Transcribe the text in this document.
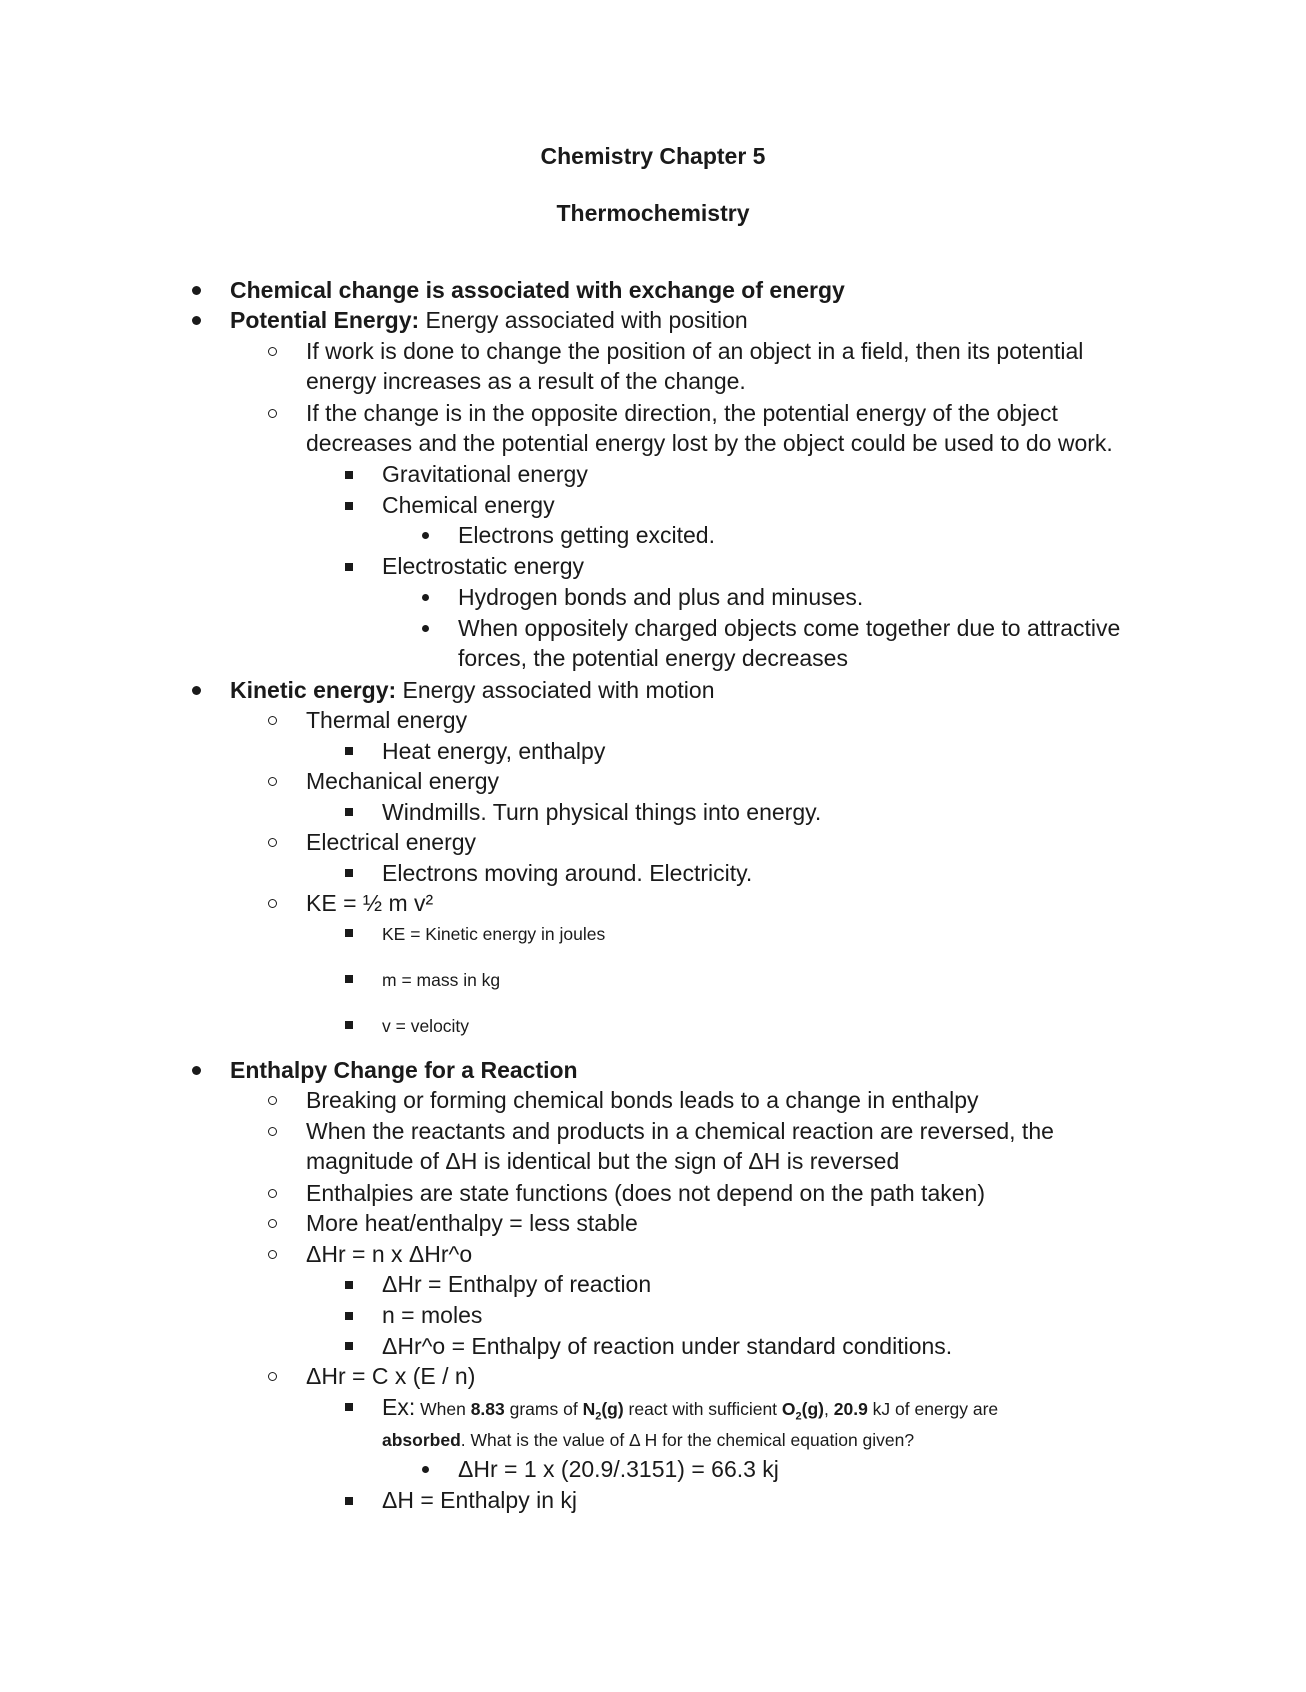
Chemistry Chapter 5
Thermochemistry
Chemical change is associated with exchange of energy
Potential Energy: Energy associated with position
If work is done to change the position of an object in a field, then its potential
energy increases as a result of the change.
If the change is in the opposite direction, the potential energy of the object
decreases and the potential energy lost by the object could be used to do work.
Gravitational energy
Chemical energy
Electrons getting excited.
Electrostatic energy
Hydrogen bonds and plus and minuses.
When oppositely charged objects come together due to attractive
forces, the potential energy decreases
Kinetic energy: Energy associated with motion
Thermal energy
Heat energy, enthalpy
Mechanical energy
Windmills. Turn physical things into energy.
Electrical energy
Electrons moving around. Electricity.
KE = ½ m v²
KE = Kinetic energy in joules
m = mass in kg
v = velocity
Enthalpy Change for a Reaction
Breaking or forming chemical bonds leads to a change in enthalpy
When the reactants and products in a chemical reaction are reversed, the
magnitude of ΔH is identical but the sign of ΔH is reversed
Enthalpies are state functions (does not depend on the path taken)
More heat/enthalpy = less stable
ΔHr = n x ΔHr^o
ΔHr = Enthalpy of reaction
n = moles
ΔHr^o = Enthalpy of reaction under standard conditions.
ΔHr = C x (E / n)
Ex: When 8.83 grams of $N_2(g)$ react with sufficient $O_2(g)$, 20.9 kJ of energy are
absorbed. What is the value of Δ H for the chemical equation given?
ΔHr = 1 x (20.9/.3151) = 66.3 kj
ΔH = Enthalpy in kj
